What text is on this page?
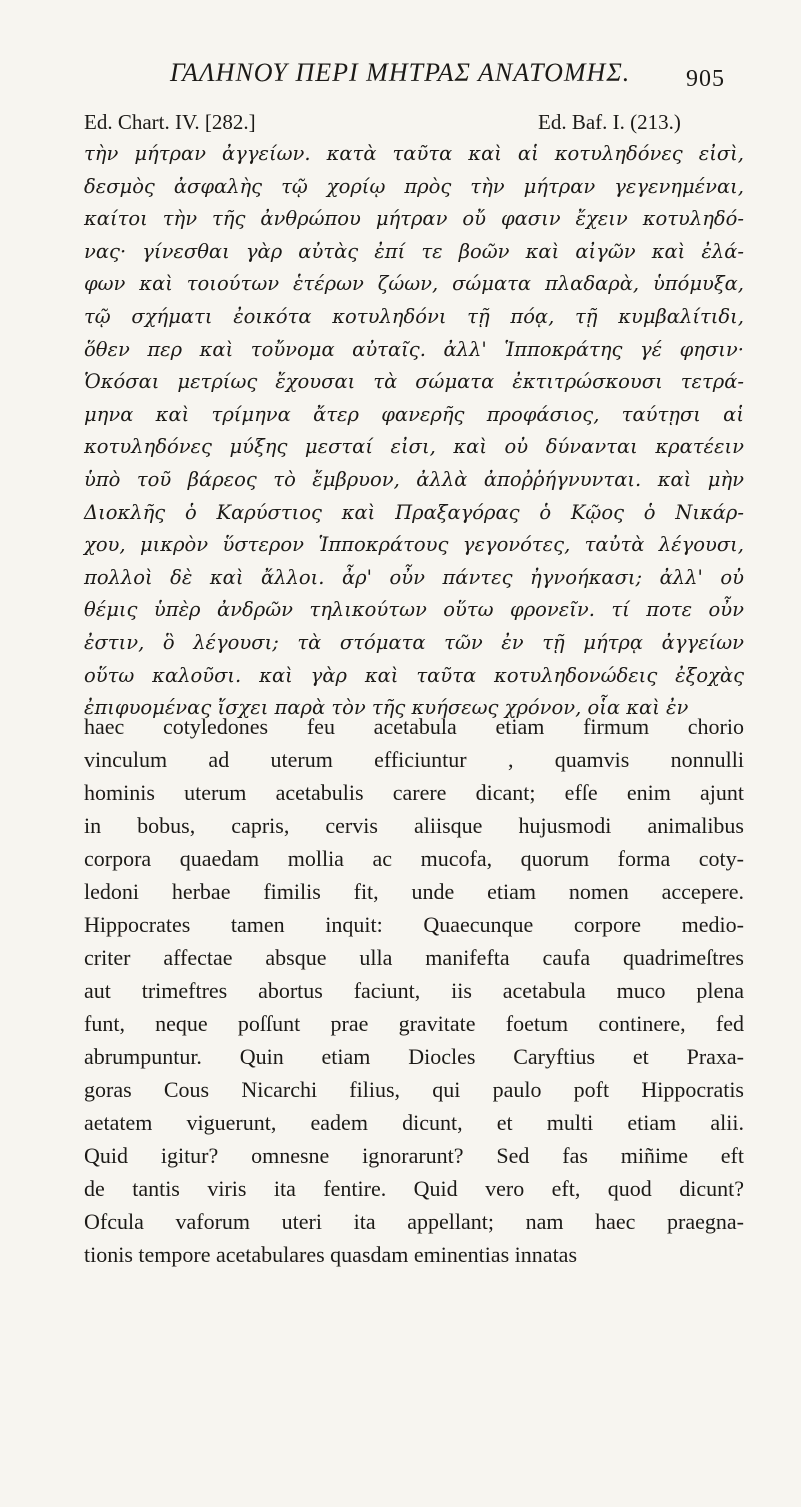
ΓΑΛΗΝΟΥ ΠΕΡΙ ΜΗΤΡΑΣ ΑΝΑΤΟΜΗΣ.	905
Ed. Chart. IV. [282.]	Ed. Baf. I. (213.)
τὴν μήτραν ἀγγείων. κατὰ ταῦτα καὶ αἱ κοτυληδόνες εἰσὶ,
δεσμὸς ἀσφαλὴς τῷ χορίῳ πρὸς τὴν μήτραν γεγενημέναι,
καίτοι τὴν τῆς ἀνθρώπου μήτραν οὔ φασιν ἔχειν κοτυληδό-
νας· γίνεσθαι γὰρ αὐτὰς ἐπί τε βοῶν καὶ αἰγῶν καὶ ἐλά-
φων καὶ τοιούτων ἑτέρων ζώων, σώματα πλαδαρὰ, ὑπόμυξα,
τῷ σχήματι ἐοικότα κοτυληδόνι τῇ πόᾳ, τῇ κυμβαλίτιδι,
ὅθεν περ καὶ τοὔνομα αὐταῖς. ἀλλ' Ἱπποκράτης γέ φησιν·
Ὁκόσαι μετρίως ἔχουσαι τὰ σώματα ἐκτιτρώσκουσι τετρά-
μηνα καὶ τρίμηνα ἄτερ φανερῆς προφάσιος, ταύτῃσι αἱ
κοτυληδόνες μύξης μεσταί εἰσι, καὶ οὐ δύνανται κρατέειν
ὑπὸ τοῦ βάρεος τὸ ἔμβρυον, ἀλλὰ ἀποῤῥήγνυνται. καὶ μὴν
Διοκλῆς ὁ Καρύστιος καὶ Πραξαγόρας ὁ Κῷος ὁ Νικάρ-
χου, μικρὸν ὕστερον Ἱπποκράτους γεγονότες, ταὐτὰ λέγουσι,
πολλοὶ δὲ καὶ ἄλλοι. ἆρ' οὖν πάντες ἠγνοήκασι; ἀλλ' οὐ
θέμις ὑπὲρ ἀνδρῶν τηλικούτων οὕτω φρονεῖν. τί ποτε οὖν
ἐστιν, ὃ λέγουσι; τὰ στόματα τῶν ἐν τῇ μήτρᾳ ἀγγείων
οὕτω καλοῦσι. καὶ γὰρ καὶ ταῦτα κοτυληδονώδεις ἐξοχὰς
ἐπιφυομένας ἴσχει παρὰ τὸν τῆς κυήσεως χρόνον, οἷα καὶ ἐν
haec cotyledones feu acetabula etiam firmum chorio
vinculum ad uterum efficiuntur , quamvis nonnulli
hominis uterum acetabulis carere dicant; efſe enim ajunt
in bobus, capris, cervis aliisque hujusmodi animalibus
corpora quaedam mollia ac mucofa, quorum forma coty-
ledoni herbae fimilis fit, unde etiam nomen accepere.
Hippocrates tamen inquit: Quaecunque corpore medio-
criter affectae absque ulla manifefta caufa quadrimeſtres
aut trimeftres abortus faciunt, iis acetabula muco plena
funt, neque poſſunt prae gravitate foetum continere, fed
abrumpuntur. Quin etiam Diocles Caryftius et Praxa-
goras Cous Nicarchi filius, qui paulo poft Hippocratis
aetatem viguerunt, eadem dicunt, et multi etiam alii.
Quid igitur? omnesne ignorarunt? Sed fas miñime eft
de tantis viris ita fentire. Quid vero eft, quod dicunt?
Ofcula vaforum uteri ita appellant; nam haec praegna-
tionis tempore acetabulares quasdam eminentias innatas
